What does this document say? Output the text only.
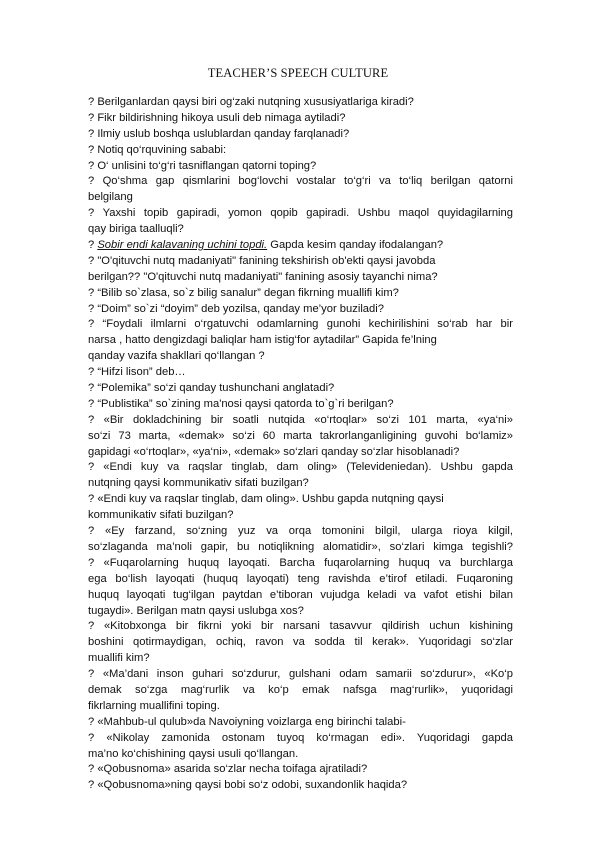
TEACHER’S SPEECH CULTURE
? Berilganlardan qaysi biri og‘zaki nutqning xususiyatlariga kiradi?
? Fikr bildirishning hikoya usuli deb nimaga aytiladi?
? Ilmiy uslub boshqa uslublardan qanday farqlanadi?
? Notiq qo‘rquvining sababi:
? O‘ unlisini to‘g‘ri tasniflangan qatorni toping?
? Qo‘shma gap qismlarini bog‘lovchi vostalar to‘g‘ri va to‘liq berilgan qatorni
belgilang
? Yaxshi topib gapiradi, yomon qopib gapiradi. Ushbu maqol quyidagilarning
qay biriga taalluqli?
? Sobir endi kalavaning uchini topdi. Gapda kesim qanday ifodalangan?
? "O'qituvchi nutq madaniyati" fanining tekshirish ob'ekti qaysi javobda
berilgan?? "O'qituvchi nutq madaniyati" fanining asosiy tayanchi nima?
? “Bilib so`zlasa, so`z bilig sanalur” degan fikrning muallifi kim?
? “Doim” so`zi “doyim” deb yozilsa, qanday me’yor buziladi?
? “Foydali ilmlarni o‘rgatuvchi odamlarning gunohi kechirilishini so‘rab har bir
narsa , hatto dengizdagi baliqlar ham istig‘for aytadilar” Gapida fe’lning
qanday vazifa shakllari qo‘llangan ?
? “Hifzi lison” deb…
? “Polemika” so‘zi qanday tushunchani anglatadi?
? “Publistika” so`zining ma'nosi qaysi qatorda to`g`ri berilgan?
? «Bir dokladchining bir soatli nutqida «o‘rtoqlar» so‘zi 101 marta, «ya‘ni»
so‘zi 73 marta, «demak» so‘zi 60 marta takrorlanganligining guvohi bo‘lamiz»
gapidagi «o‘rtoqlar», «ya‘ni», «demak» so‘zlari qanday so‘zlar hisoblanadi?
? «Endi kuy va raqslar tinglab, dam oling» (Televideniedan). Ushbu gapda
nutqning qaysi kommunikativ sifati buzilgan?
? «Endi kuy va raqslar tinglab, dam oling». Ushbu gapda nutqning qaysi
kommunikativ sifati buzilgan?
? «Ey farzand, so‘zning yuz va orqa tomonini bilgil, ularga rioya kilgil,
so‘zlaganda ma’noli gapir, bu notiqlikning alomatidir», so‘zlari kimga tegishli?
? «Fuqarolarning huquq layoqati. Barcha fuqarolarning huquq va burchlarga
ega bo‘lish layoqati (huquq layoqati) teng ravishda e’tirof etiladi. Fuqaroning
huquq layoqati tug‘ilgan paytdan e’tiboran vujudga keladi va vafot etishi bilan
tugaydi». Berilgan matn qaysi uslubga xos?
? «Kitobxonga bir fikrni yoki bir narsani tasavvur qildirish uchun kishining
boshini qotirmaydigan, ochiq, ravon va sodda til kerak». Yuqoridagi so‘zlar
muallifi kim?
? «Ma’dani inson guhari so‘zdurur, gulshani odam samarii so‘zdurur», «Ko‘p
demak so‘zga mag‘rurlik va ko‘p emak nafsga mag‘rurlik», yuqoridagi
fikrlarning muallifini toping.
? «Mahbub-ul qulub»da Navoiyning voizlarga eng birinchi talabi-
? «Nikolay zamonida ostonam tuyoq ko‘rmagan edi». Yuqoridagi gapda
ma’no ko‘chishining qaysi usuli qo‘llangan.
? «Qobusnoma» asarida so‘zlar necha toifaga ajratiladi?
? «Qobusnoma»ning qaysi bobi so‘z odobi, suxandonlik haqida?
